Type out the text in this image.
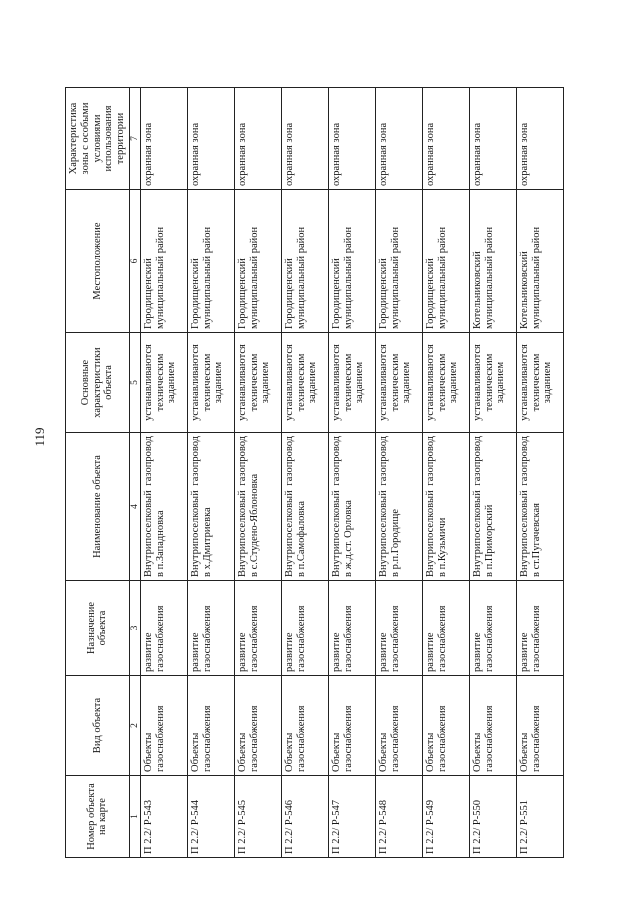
119
Номер объекта на карте	Вид объекта	Назначение объекта	Наименование объекта	Основные характеристики объекта	Местоположение	Характеристика зоны с особыми условиями использования территории
1	2	3	4	5	6	7
П 2.2/ Р-543	Объекты газоснабжения	развитие газоснабжения	Внутрипоселковый газопровод в п.Западновка	устанавливаются техническим заданием	Городищенский муниципальный район	охранная зона
П 2.2/ Р-544	Объекты газоснабжения	развитие газоснабжения	Внутрипоселковый газопровод в х.Дмитриевка	устанавливаются техническим заданием	Городищенский муниципальный район	охранная зона
П 2.2/ Р-545	Объекты газоснабжения	развитие газоснабжения	Внутрипоселковый газопровод в с.Студено-Яблоновка	устанавливаются техническим заданием	Городищенский муниципальный район	охранная зона
П 2.2/ Р-546	Объекты газоснабжения	развитие газоснабжения	Внутрипоселковый газопровод в п.Самофаловка	устанавливаются техническим заданием	Городищенский муниципальный район	охранная зона
П 2.2/ Р-547	Объекты газоснабжения	развитие газоснабжения	Внутрипоселковый газопровод в ж.д.ст. Орловка	устанавливаются техническим заданием	Городищенский муниципальный район	охранная зона
П 2.2/ Р-548	Объекты газоснабжения	развитие газоснабжения	Внутрипоселковый газопровод в р.п.Городище	устанавливаются техническим заданием	Городищенский муниципальный район	охранная зона
П 2.2/ Р-549	Объекты газоснабжения	развитие газоснабжения	Внутрипоселковый газопровод в п.Кузьмичи	устанавливаются техническим заданием	Городищенский муниципальный район	охранная зона
П 2.2/ Р-550	Объекты газоснабжения	развитие газоснабжения	Внутрипоселковый газопровод в п.Приморский	устанавливаются техническим заданием	Котельниковский муниципальный район	охранная зона
П 2.2/ Р-551	Объекты газоснабжения	развитие газоснабжения	Внутрипоселковый газопровод в ст.Пугачевская	устанавливаются техническим заданием	Котельниковский муниципальный район	охранная зона
